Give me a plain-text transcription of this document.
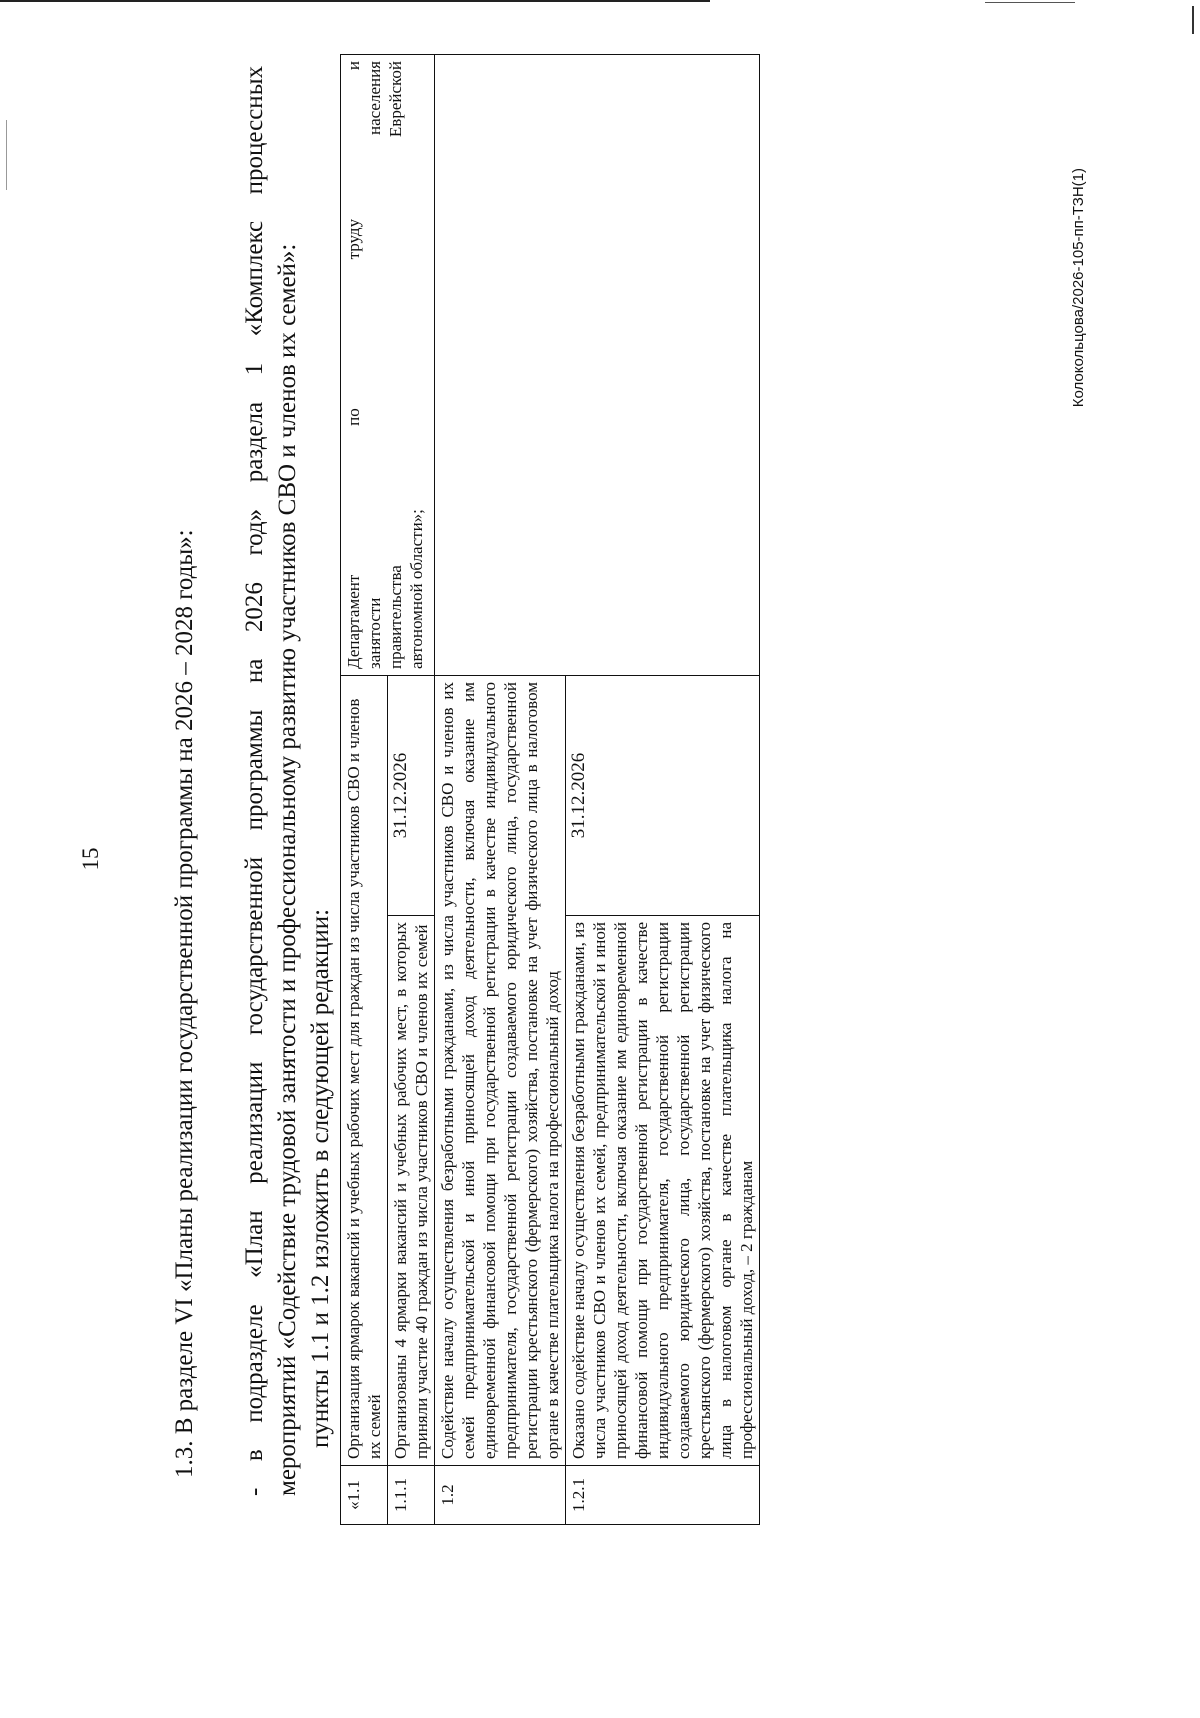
15	1.3. В разделе VI «Планы реализации государственной программы на 2026 – 2028 годы»: - в подразделе «План реализации государственной программы на 2026 год» раздела 1 «Комплекс процессных мероприятий «Содействие трудовой занятости и профессиональному развитию участников СВО и членов их семей»: пункты 1.1 и 1.2 изложить в следующей редакции:

«1.1	Организация ярмарок вакансий и учебных рабочих мест для граждан из числа участников СВО и членов их семей		Департамент по труду и занятости населения правительства Еврейской автономной области»;

1.1.1	Организованы 4 ярмарки вакансий и учебных рабочих мест, в которых приняли участие 40 граждан из числа участников СВО и членов их семей	31.12.2026	
1.2	Содействие началу осуществления безработными гражданами, из числа участников СВО и членов их семей предпринимательской и иной приносящей доход деятельности, включая оказание им единовременной финансовой помощи при государственной регистрации в качестве индивидуального предпринимателя, государственной регистрации создаваемого юридического лица, государственной регистрации крестьянского (фермерского) хозяйства, постановке на учет физического лица в налоговом органе в качестве плательщика налога на профессиональный доход		
1.2.1	Оказано содействие началу осуществления безработными гражданами, из числа участников СВО и членов их семей, предпринимательской и иной приносящей доход деятельности, включая оказание им единовременной финансовой помощи при государственной регистрации в качестве индивидуального предпринимателя, государственной регистрации создаваемого юридического лица, государственной регистрации крестьянского (фермерского) хозяйства, постановке на учет физического лица в налоговом органе в качестве плательщика налога на профессиональный доход, – 2 гражданам	31.12.2026	
Колокольцова/2026-105-пп-ТЗН(1)
